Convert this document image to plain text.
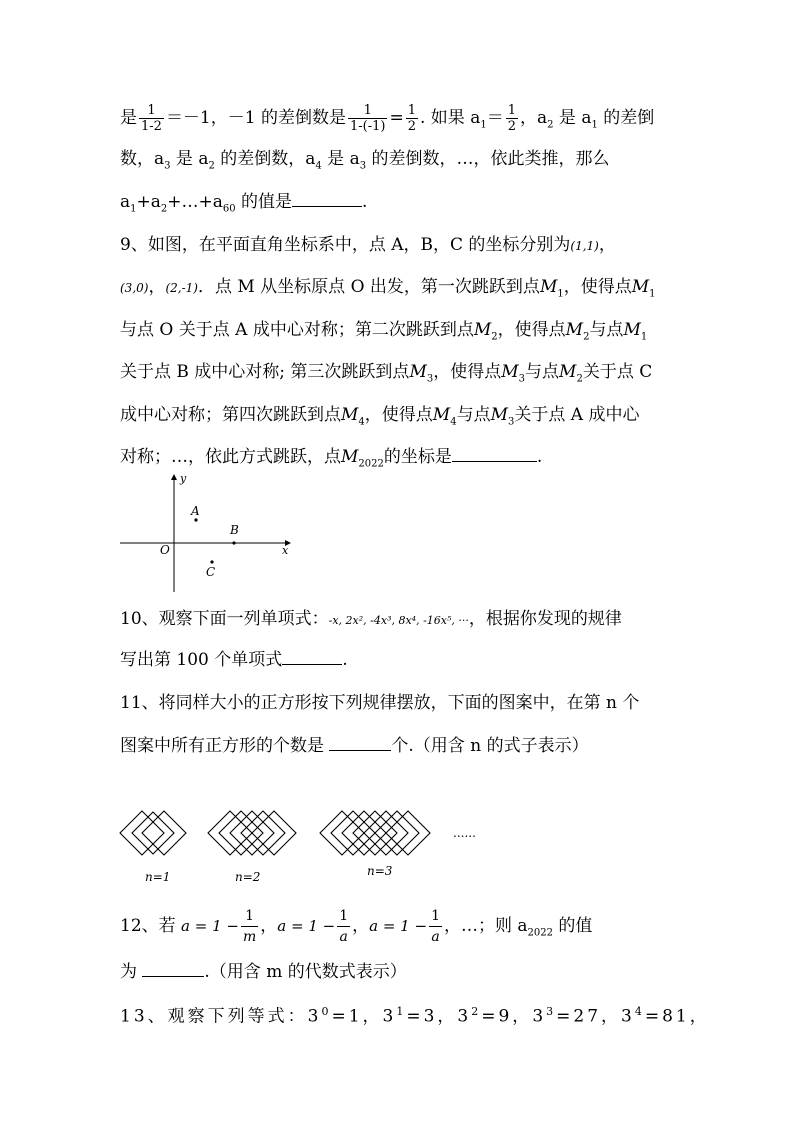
是 $\frac{1}{1-2} =-1$，－1 的差倒数是 $\frac{1}{1-(-1)} = \frac{1}{2}$ . 如果 $a_1= \frac{1}{2}$ ，$a_2$ 是 $a_1$ 的差倒
数，$a_3$ 是 $a_2$ 的差倒数，$a_4$ 是 $a_3$ 的差倒数，…，依此类推，那么
$a_1+a_2+\dots+a_{60}$ 的值是	.
9、如图，在平面直角坐标系中，点 A，B，C 的坐标分别为(1,1)，
(3,0)，(2,-1)．点 M 从坐标原点 O 出发，第一次跳跃到点$M_1$，使得点$M_1$
与点 O 关于点 A 成中心对称；第二次跳跃到点$M_2$，使得点$M_2$与点$M_1$
关于点 B 成中心对称; 第三次跳跃到点$M_3$，使得点$M_3$与点$M_2$关于点 C
成中心对称；第四次跳跃到点$M_4$，使得点$M_4$与点$M_3$关于点 A 成中心
对称；…，依此方式跳跃，点$M_{2022}$的坐标是	.
y
x
O
A
B
C
10、观察下面一列单项式：-x, 2x², -4x³, 8x⁴, -16x⁵, ···，根据你发现的规律
写出第 100 个单项式	.
11、将同样大小的正方形按下列规律摆放，下面的图案中，在第 n 个
图案中所有正方形的个数是	个.（用含 n 的式子表示）
......
n=1	n=2	n=3
12、若 $a = 1 - \frac{1}{m}$ ，$a = 1 - \frac{1}{a}$ ，$a = 1 - \frac{1}{a}$ ，…；则 $a_{2022}$ 的值
为	.（用含 m 的代数式表示）
13、观察下列等式：$3^0=1$，$3^1=3$，$3^2=9$，$3^3=27$，$3^4=81$，
